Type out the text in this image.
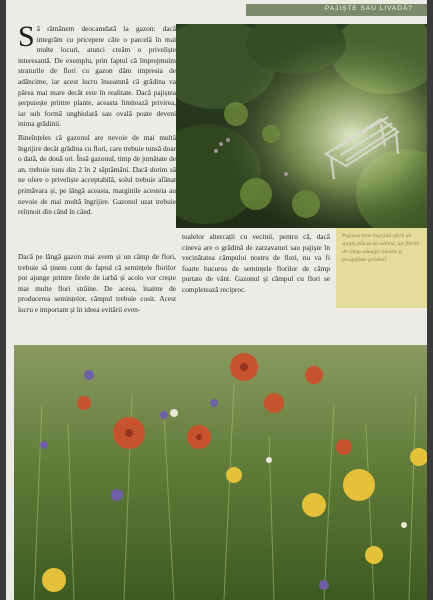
PAJIȘTE SAU LIVADĂ?

Să rămânem deocamdată la gazon: dacă integrăm cu pricepere câte o parcelă în mai multe locuri, atunci creăm o priveliște interesantă. De exemplu, prin faptul că împrejmuim straturile de flori cu gazon dăm impresia de adâncime, iar acest lucru înseamnă că grădina va părea mai mare decât este în realitate. Dacă pajiștea șerpuiește printre plante, aceasta limitează privirea, iar sub formă unghiulară sau ovală poate deveni inima grădinii.

Bineînțeles că gazonul are nevoie de mai multă îngrijire decât grădina cu flori, care trebuie tunsă doar o dată, de două ori. Însă gazonul, timp de jumătate de an, trebuie tuns din 2 în 2 săptămâni. Dacă dorim să ne ofere o priveliște acceptabilă, solul trebuie afânat primăvara și, pe lângă aceasta, marginile acesteia au nevoie de mai multă îngrijire. Gazonul uzat trebuie reînnoit din când în când.

Dacă pe lângă gazon mai avem și un câmp de flori, trebuie să ținem cont de faptul că semințele florilor pot ajunge printre firele de iarbă și acolo vor crește mai multe flori străine. De aceea, înainte de producerea semințelor, câmpul trebuie cosit. Acest lucru e important și în ideea evitării even-
tualelor altercații cu vecinii, pentru că, dacă cineva are o grădină de zarzavaturi sau pajiște în vecinătatea câmpului nostru de flori, nu va fi foarte bucuros de semințele florilor de câmp purtate de vânt. Gazonul și câmpul cu flori se completează reciproc.
Pajiștea bine îngrijită oferă un spațiu plăcut de odihnă, iar florile de câmp adaugă culoare și prospețime grădinii.
